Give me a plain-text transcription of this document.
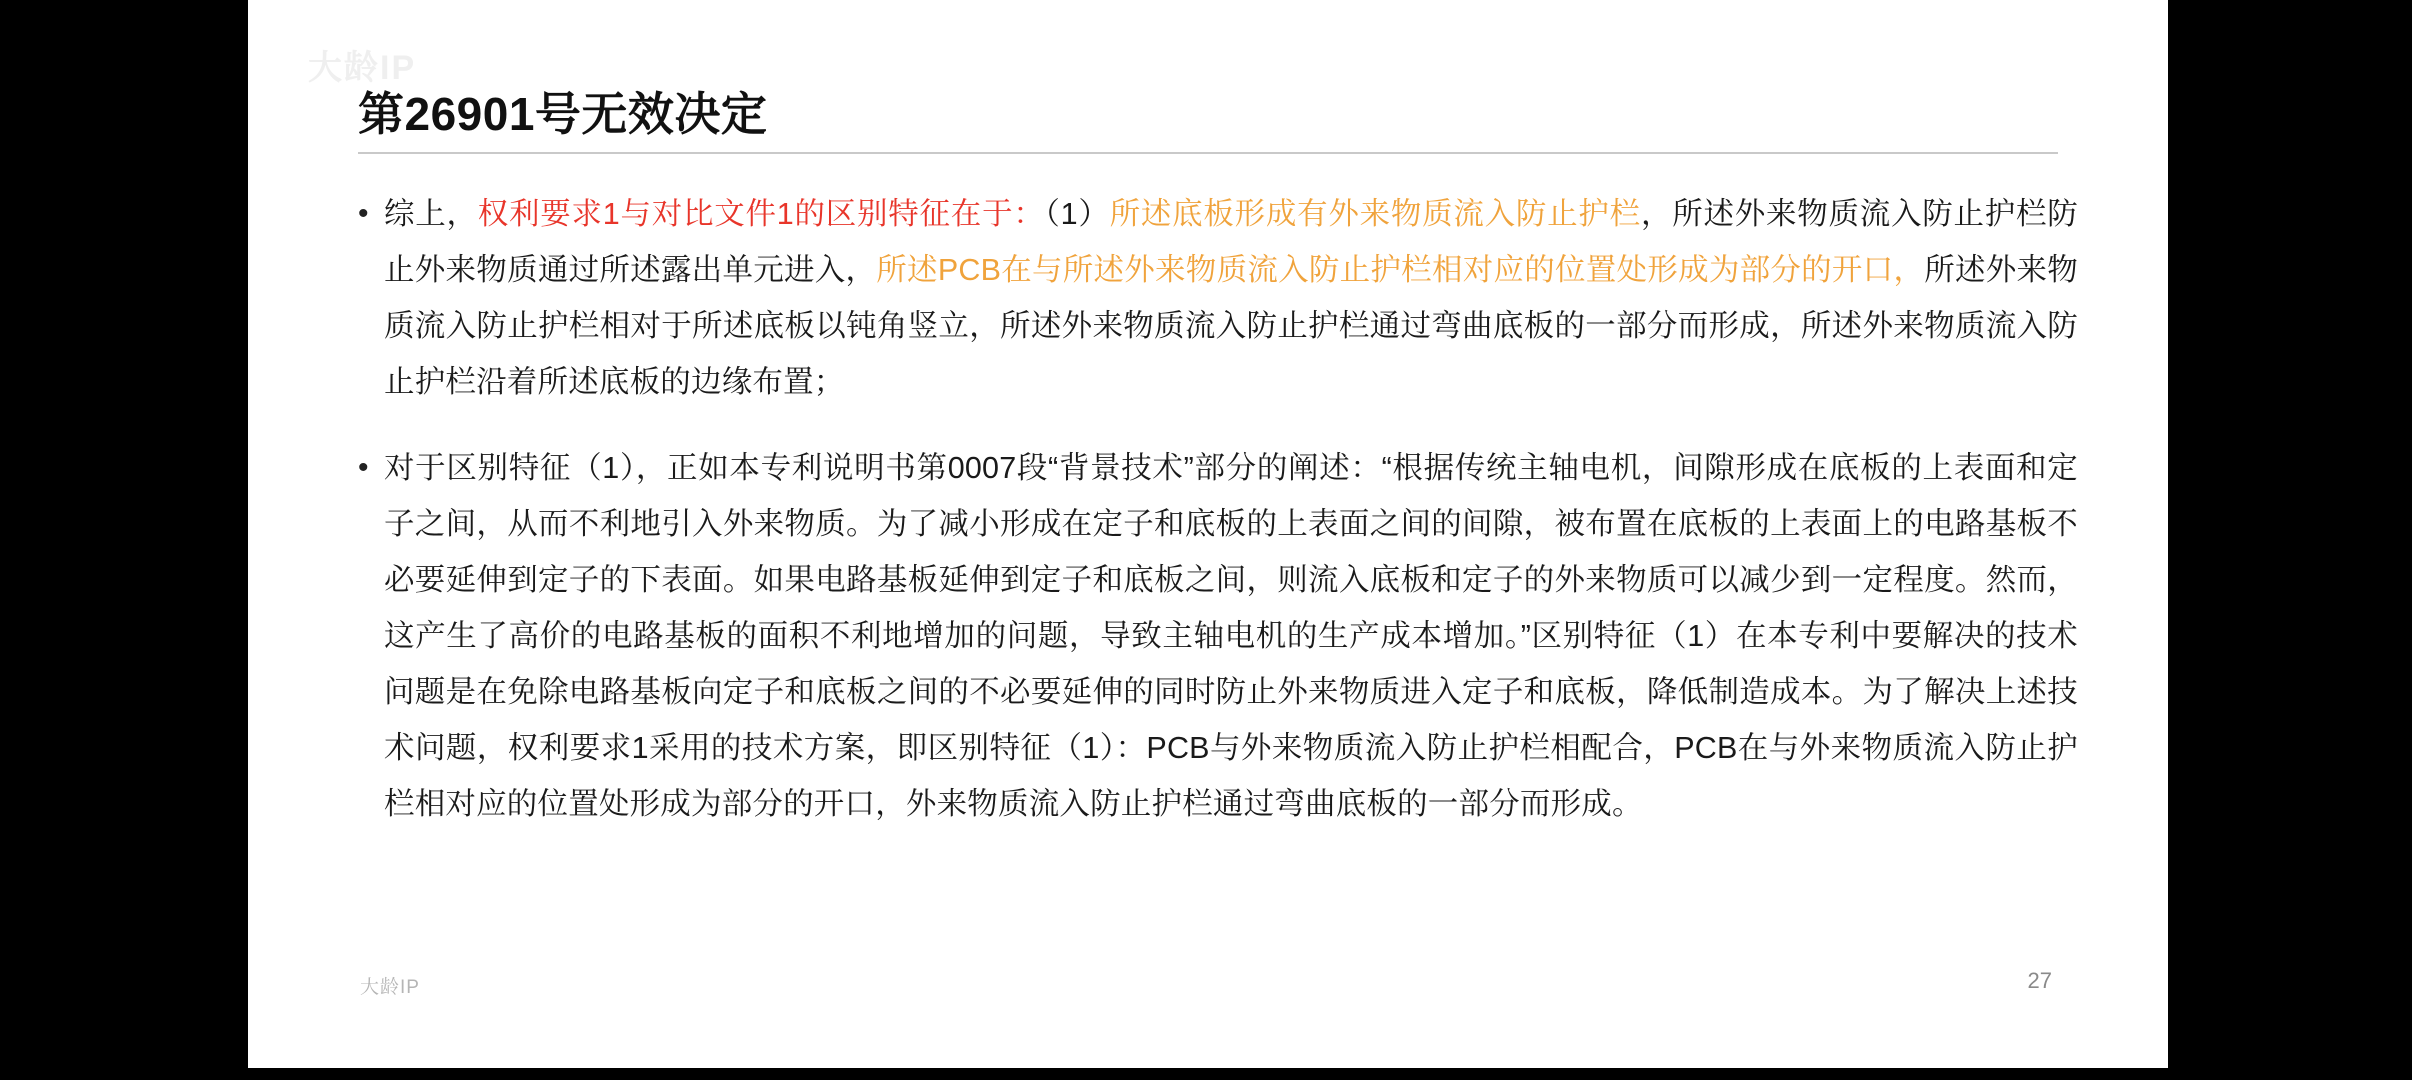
大龄IP
第26901号无效决定
• 综上，权利要求1与对比文件1的区别特征在于：（1）所述底板形成有外来物质流入防止护栏，所述外来物质流入防止护栏防止外来物质通过所述露出单元进入，所述PCB在与所述外来物质流入防止护栏相对应的位置处形成为部分的开口，所述外来物质流入防止护栏相对于所述底板以钝角竖立，所述外来物质流入防止护栏通过弯曲底板的一部分而形成，所述外来物质流入防止护栏沿着所述底板的边缘布置；
• 对于区别特征（1），正如本专利说明书第0007段“背景技术”部分的阐述：“根据传统主轴电机，间隙形成在底板的上表面和定子之间，从而不利地引入外来物质。为了减小形成在定子和底板的上表面之间的间隙，被布置在底板的上表面上的电路基板不必要延伸到定子的下表面。如果电路基板延伸到定子和底板之间，则流入底板和定子的外来物质可以减少到一定程度。然而，这产生了高价的电路基板的面积不利地增加的问题，导致主轴电机的生产成本增加。”区别特征（1）在本专利中要解决的技术问题是在免除电路基板向定子和底板之间的不必要延伸的同时防止外来物质进入定子和底板，降低制造成本。为了解决上述技术问题，权利要求1采用的技术方案，即区别特征（1）：PCB与外来物质流入防止护栏相配合，PCB在与外来物质流入防止护栏相对应的位置处形成为部分的开口，外来物质流入防止护栏通过弯曲底板的一部分而形成。
大龄IP	27
